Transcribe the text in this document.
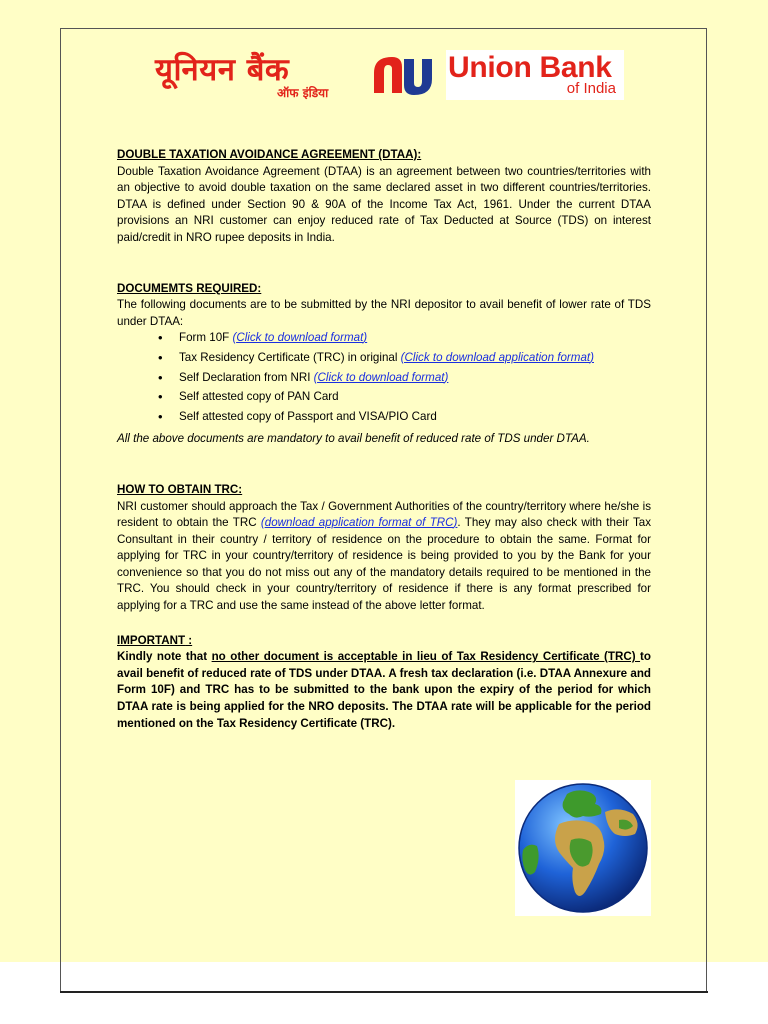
यूनियन बैंक
ऑफ इंडिया
Union Bank
of India

DOUBLE TAXATION AVOIDANCE AGREEMENT (DTAA):

Double Taxation Avoidance Agreement (DTAA) is an agreement between two countries/territories with an objective to avoid double taxation on the same declared asset in two different countries/territories. DTAA is defined under Section 90 & 90A of the Income Tax Act, 1961. Under the current DTAA provisions an NRI customer can enjoy reduced rate of Tax Deducted at Source (TDS) on interest paid/credit in NRO rupee deposits in India.

DOCUMEMTS REQUIRED:

The following documents are to be submitted by the NRI depositor to avail benefit of lower rate of TDS under DTAA:

• Form 10F (Click to download format)
• Tax Residency Certificate (TRC) in original (Click to download application format)
• Self Declaration from NRI (Click to download format)
• Self attested copy of PAN Card
• Self attested copy of Passport and VISA/PIO Card

All the above documents are mandatory to avail benefit of reduced rate of TDS under DTAA.

HOW TO OBTAIN TRC:

NRI customer should approach the Tax / Government Authorities of the country/territory where he/she is resident to obtain the TRC (download application format of TRC). They may also check with their Tax Consultant in their country / territory of residence on the procedure to obtain the same. Format for applying for TRC in your country/territory of residence is being provided to you by the Bank for your convenience so that you do not miss out any of the mandatory details required to be mentioned in the TRC. You should check in your country/territory of residence if there is any format prescribed for applying for a TRC and use the same instead of the above letter format.

IMPORTANT :

Kindly note that no other document is acceptable in lieu of Tax Residency Certificate (TRC) to avail benefit of reduced rate of TDS under DTAA. A fresh tax declaration (i.e. DTAA Annexure and Form 10F) and TRC has to be submitted to the bank upon the expiry of the period for which DTAA rate is being applied for the NRO deposits. The DTAA rate will be applicable for the period mentioned on the Tax Residency Certificate (TRC).
